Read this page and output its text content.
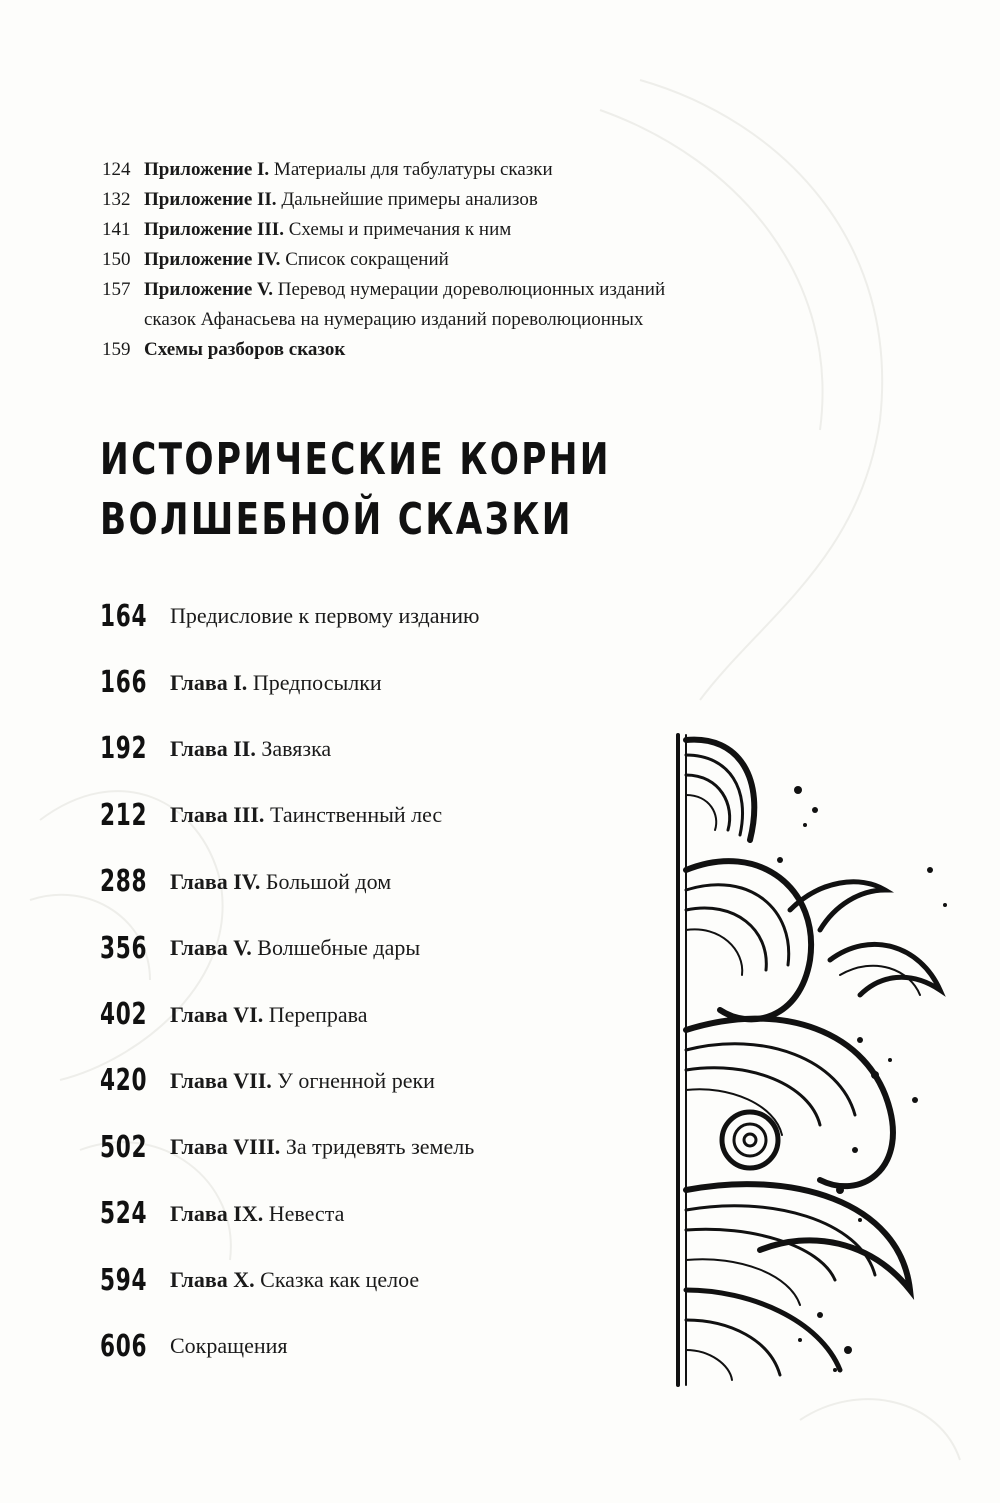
124 Приложение I. Материалы для табулатуры сказки
132 Приложение II. Дальнейшие примеры анализов
141 Приложение III. Схемы и примечания к ним
150 Приложение IV. Список сокращений
157 Приложение V. Перевод нумерации дореволюционных изданий
сказок Афанасьева на нумерацию изданий пореволюционных
159 Схемы разборов сказок
ИСТОРИЧЕСКИЕ КОРНИ
ВОЛШЕБНОЙ СКАЗКИ
164 Предисловие к первому изданию
166 Глава I. Предпосылки
192 Глава II. Завязка
212 Глава III. Таинственный лес
288 Глава IV. Большой дом
356 Глава V. Волшебные дары
402 Глава VI. Переправа
420 Глава VII. У огненной реки
502 Глава VIII. За тридевять земель
524 Глава IX. Невеста
594 Глава X. Сказка как целое
606 Сокращения
